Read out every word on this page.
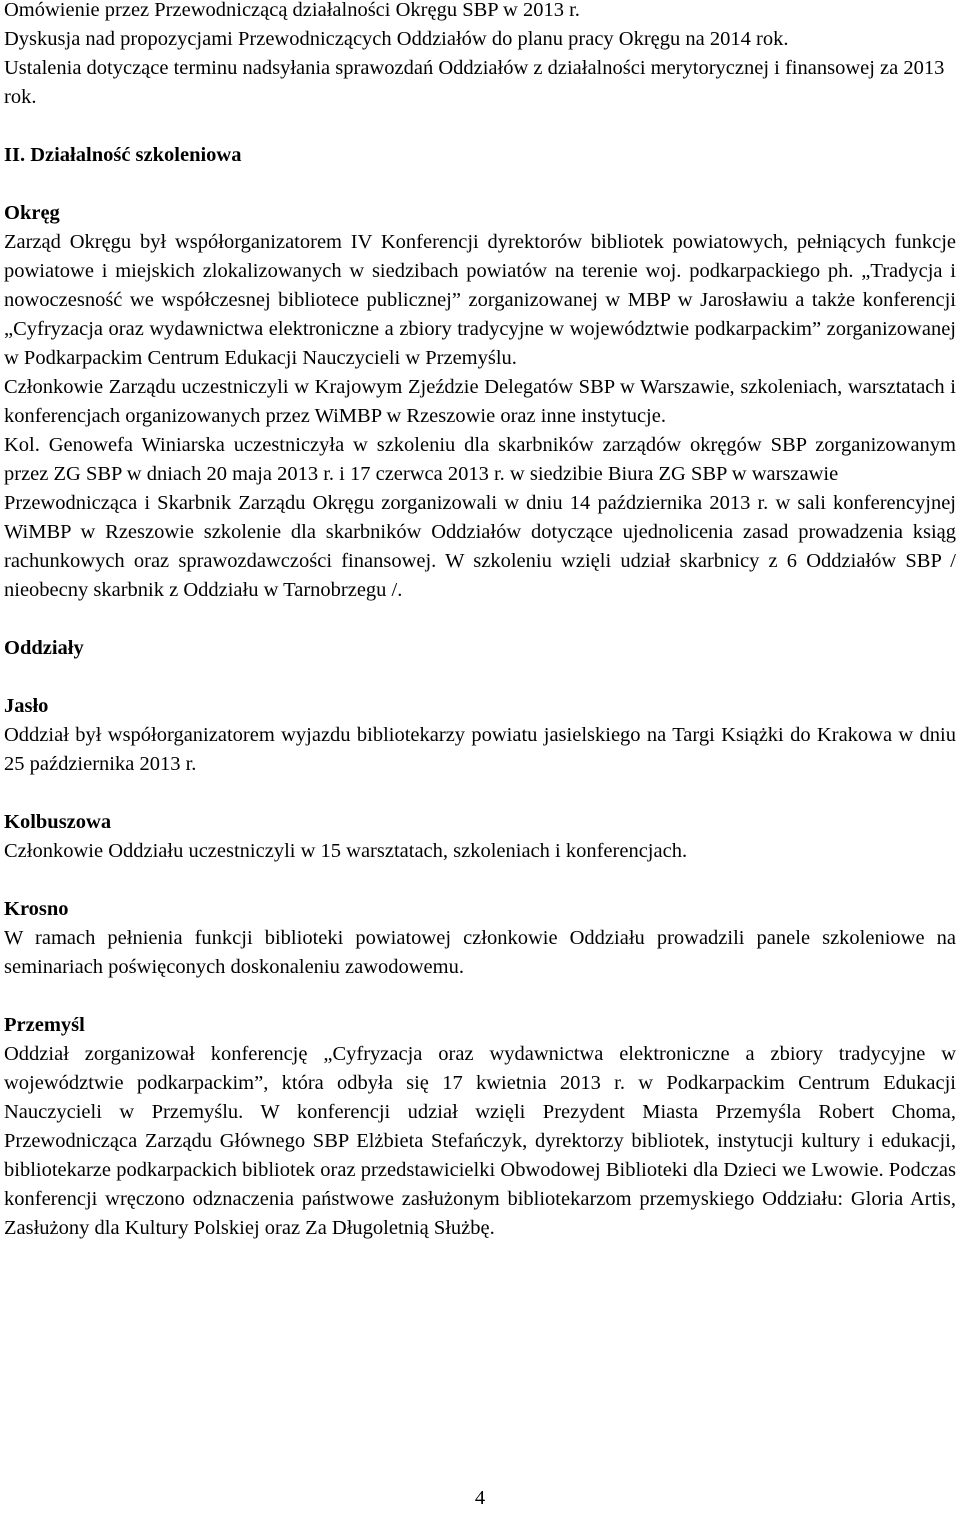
Omówienie przez Przewodniczącą działalności Okręgu SBP w 2013 r.

Dyskusja nad propozycjami Przewodniczących Oddziałów do planu pracy Okręgu na 2014 rok.

Ustalenia dotyczące terminu nadsyłania sprawozdań Oddziałów z działalności merytorycznej i finansowej za 2013 rok.

II. Działalność szkoleniowa
Okręg

Zarząd Okręgu był współorganizatorem IV Konferencji dyrektorów bibliotek powiatowych, pełniących funkcje powiatowe i miejskich zlokalizowanych w siedzibach powiatów na terenie woj. podkarpackiego ph. „Tradycja i nowoczesność we współczesnej bibliotece publicznej” zorganizowanej w MBP w Jarosławiu a także konferencji „Cyfryzacja oraz wydawnictwa elektroniczne a zbiory tradycyjne w województwie podkarpackim” zorganizowanej w Podkarpackim Centrum Edukacji Nauczycieli w Przemyślu.

Członkowie Zarządu uczestniczyli w Krajowym Zjeździe Delegatów SBP w Warszawie, szkoleniach, warsztatach i konferencjach organizowanych przez WiMBP w Rzeszowie oraz inne instytucje.

Kol. Genowefa Winiarska uczestniczyła w szkoleniu dla skarbników zarządów okręgów SBP zorganizowanym przez ZG SBP w dniach 20 maja 2013 r. i 17 czerwca 2013 r. w siedzibie Biura ZG SBP w warszawie

Przewodnicząca i Skarbnik Zarządu Okręgu zorganizowali w dniu 14 października 2013 r. w sali konferencyjnej WiMBP w Rzeszowie szkolenie dla skarbników Oddziałów dotyczące ujednolicenia zasad prowadzenia ksiąg rachunkowych oraz sprawozdawczości finansowej. W szkoleniu wzięli udział skarbnicy z 6 Oddziałów SBP / nieobecny skarbnik z Oddziału w Tarnobrzegu /.

Oddziały
Jasło

Oddział był współorganizatorem wyjazdu bibliotekarzy powiatu jasielskiego na Targi Książki do Krakowa w dniu 25 października 2013 r.

Kolbuszowa

Członkowie Oddziału uczestniczyli w 15 warsztatach, szkoleniach i konferencjach.

Krosno

W ramach pełnienia funkcji biblioteki powiatowej członkowie Oddziału prowadzili panele szkoleniowe na seminariach poświęconych doskonaleniu zawodowemu.

Przemyśl

Oddział zorganizował konferencję „Cyfryzacja oraz wydawnictwa elektroniczne a zbiory tradycyjne w województwie podkarpackim”, która odbyła się 17 kwietnia 2013 r. w Podkarpackim Centrum Edukacji Nauczycieli w Przemyślu. W konferencji udział wzięli Prezydent Miasta Przemyśla Robert Choma, Przewodnicząca Zarządu Głównego SBP Elżbieta Stefańczyk, dyrektorzy bibliotek, instytucji kultury i edukacji, bibliotekarze podkarpackich bibliotek oraz przedstawicielki Obwodowej Biblioteki dla Dzieci we Lwowie. Podczas konferencji wręczono odznaczenia państwowe zasłużonym bibliotekarzom przemyskiego Oddziału: Gloria Artis, Zasłużony dla Kultury Polskiej oraz Za Długoletnią Służbę.

4
